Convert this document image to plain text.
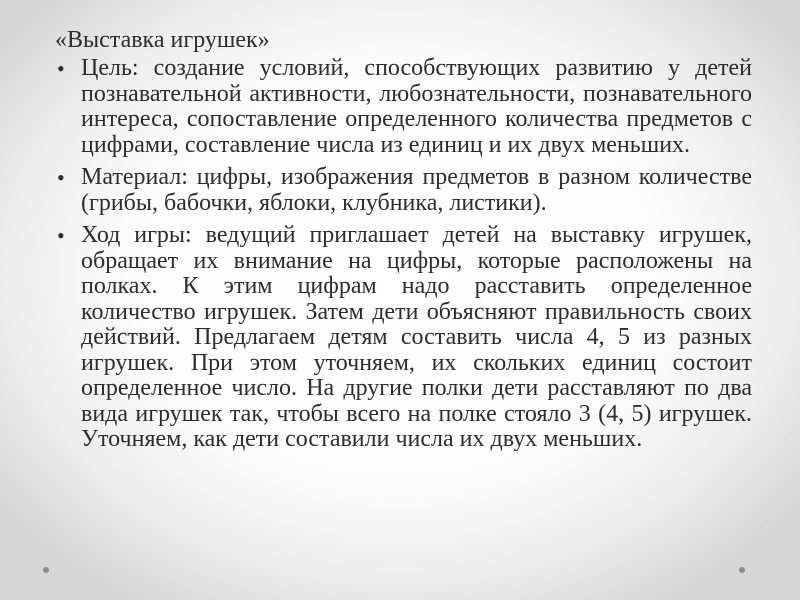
«Выставка игрушек»
• Цель: создание условий, способствующих развитию у детей познавательной активности, любознательности, познавательного интереса, сопоставление определенного количества предметов с цифрами, составление числа из единиц и их двух меньших.
• Материал: цифры, изображения предметов в разном количестве (грибы, бабочки, яблоки, клубника, листики).
• Ход игры: ведущий приглашает детей на выставку игрушек, обращает их внимание на цифры, которые расположены на полках. К этим цифрам надо расставить определенное количество игрушек. Затем дети объясняют правильность своих действий. Предлагаем детям составить числа 4, 5 из разных игрушек. При этом уточняем, их скольких единиц состоит определенное число. На другие полки дети расставляют по два вида игрушек так, чтобы всего на полке стояло 3 (4, 5) игрушек. Уточняем, как дети составили числа их двух меньших.
